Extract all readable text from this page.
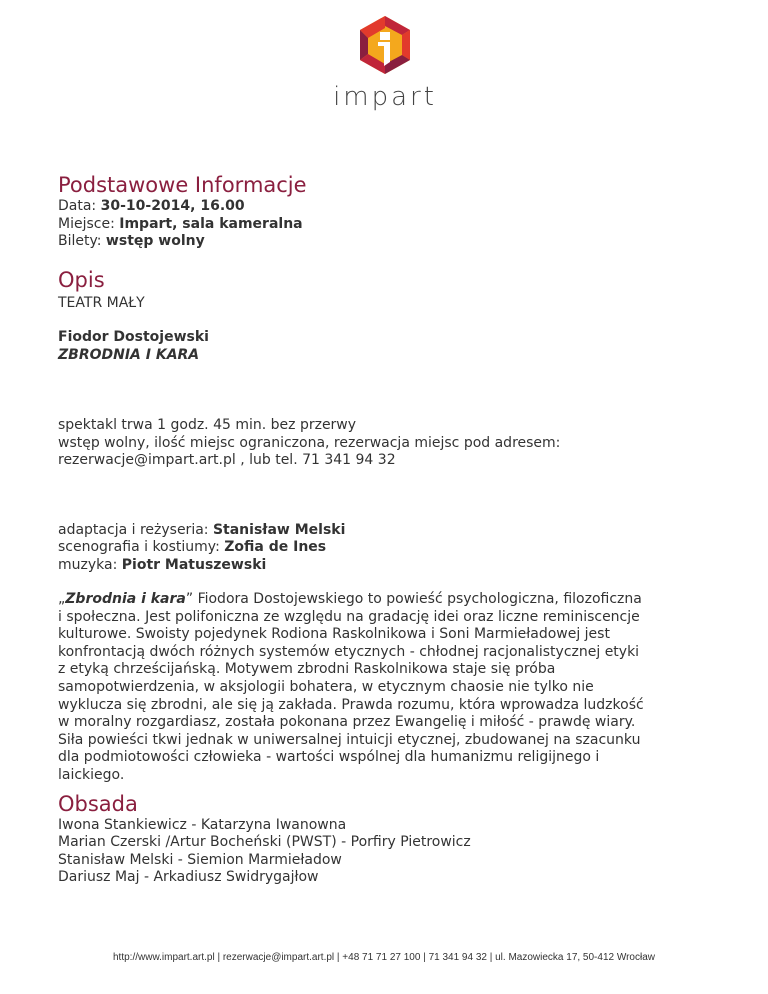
impart
Podstawowe Informacje

Data: 30-10-2014, 16.00

Miejsce: Impart, sala kameralna

Bilety: wstęp wolny

Opis

TEATR MAŁY

Fiodor Dostojewski

ZBRODNIA I KARA

spektakl trwa 1 godz. 45 min. bez przerwy

wstęp wolny, ilość miejsc ograniczona, rezerwacja miejsc pod adresem:

rezerwacje@impart.art.pl , lub tel. 71 341 94 32

adaptacja i reżyseria: Stanisław Melski

scenografia i kostiumy: Zofia de Ines

muzyka: Piotr Matuszewski

„Zbrodnia i kara” Fiodora Dostojewskiego to powieść psychologiczna, filozoficzna
i społeczna. Jest polifoniczna ze względu na gradację idei oraz liczne reminiscencje
kulturowe. Swoisty pojedynek Rodiona Raskolnikowa i Soni Marmieładowej jest
konfrontacją dwóch różnych systemów etycznych - chłodnej racjonalistycznej etyki
z etyką chrześcijańską. Motywem zbrodni Raskolnikowa staje się próba
samopotwierdzenia, w aksjologii bohatera, w etycznym chaosie nie tylko nie
wyklucza się zbrodni, ale się ją zakłada. Prawda rozumu, która wprowadza ludzkość
w moralny rozgardiasz, została pokonana przez Ewangelię i miłość - prawdę wiary.
Siła powieści tkwi jednak w uniwersalnej intuicji etycznej, zbudowanej na szacunku
dla podmiotowości człowieka - wartości wspólnej dla humanizmu religijnego i
laickiego.
Obsada

Iwona Stankiewicz - Katarzyna Iwanowna

Marian Czerski /Artur Bocheński (PWST) - Porfiry Pietrowicz

Stanisław Melski - Siemion Marmieładow

Dariusz Maj - Arkadiusz Swidrygajłow

http://www.impart.art.pl | rezerwacje@impart.art.pl | +48 71 71 27 100 | 71 341 94 32 | ul. Mazowiecka 17, 50-412 Wrocław
